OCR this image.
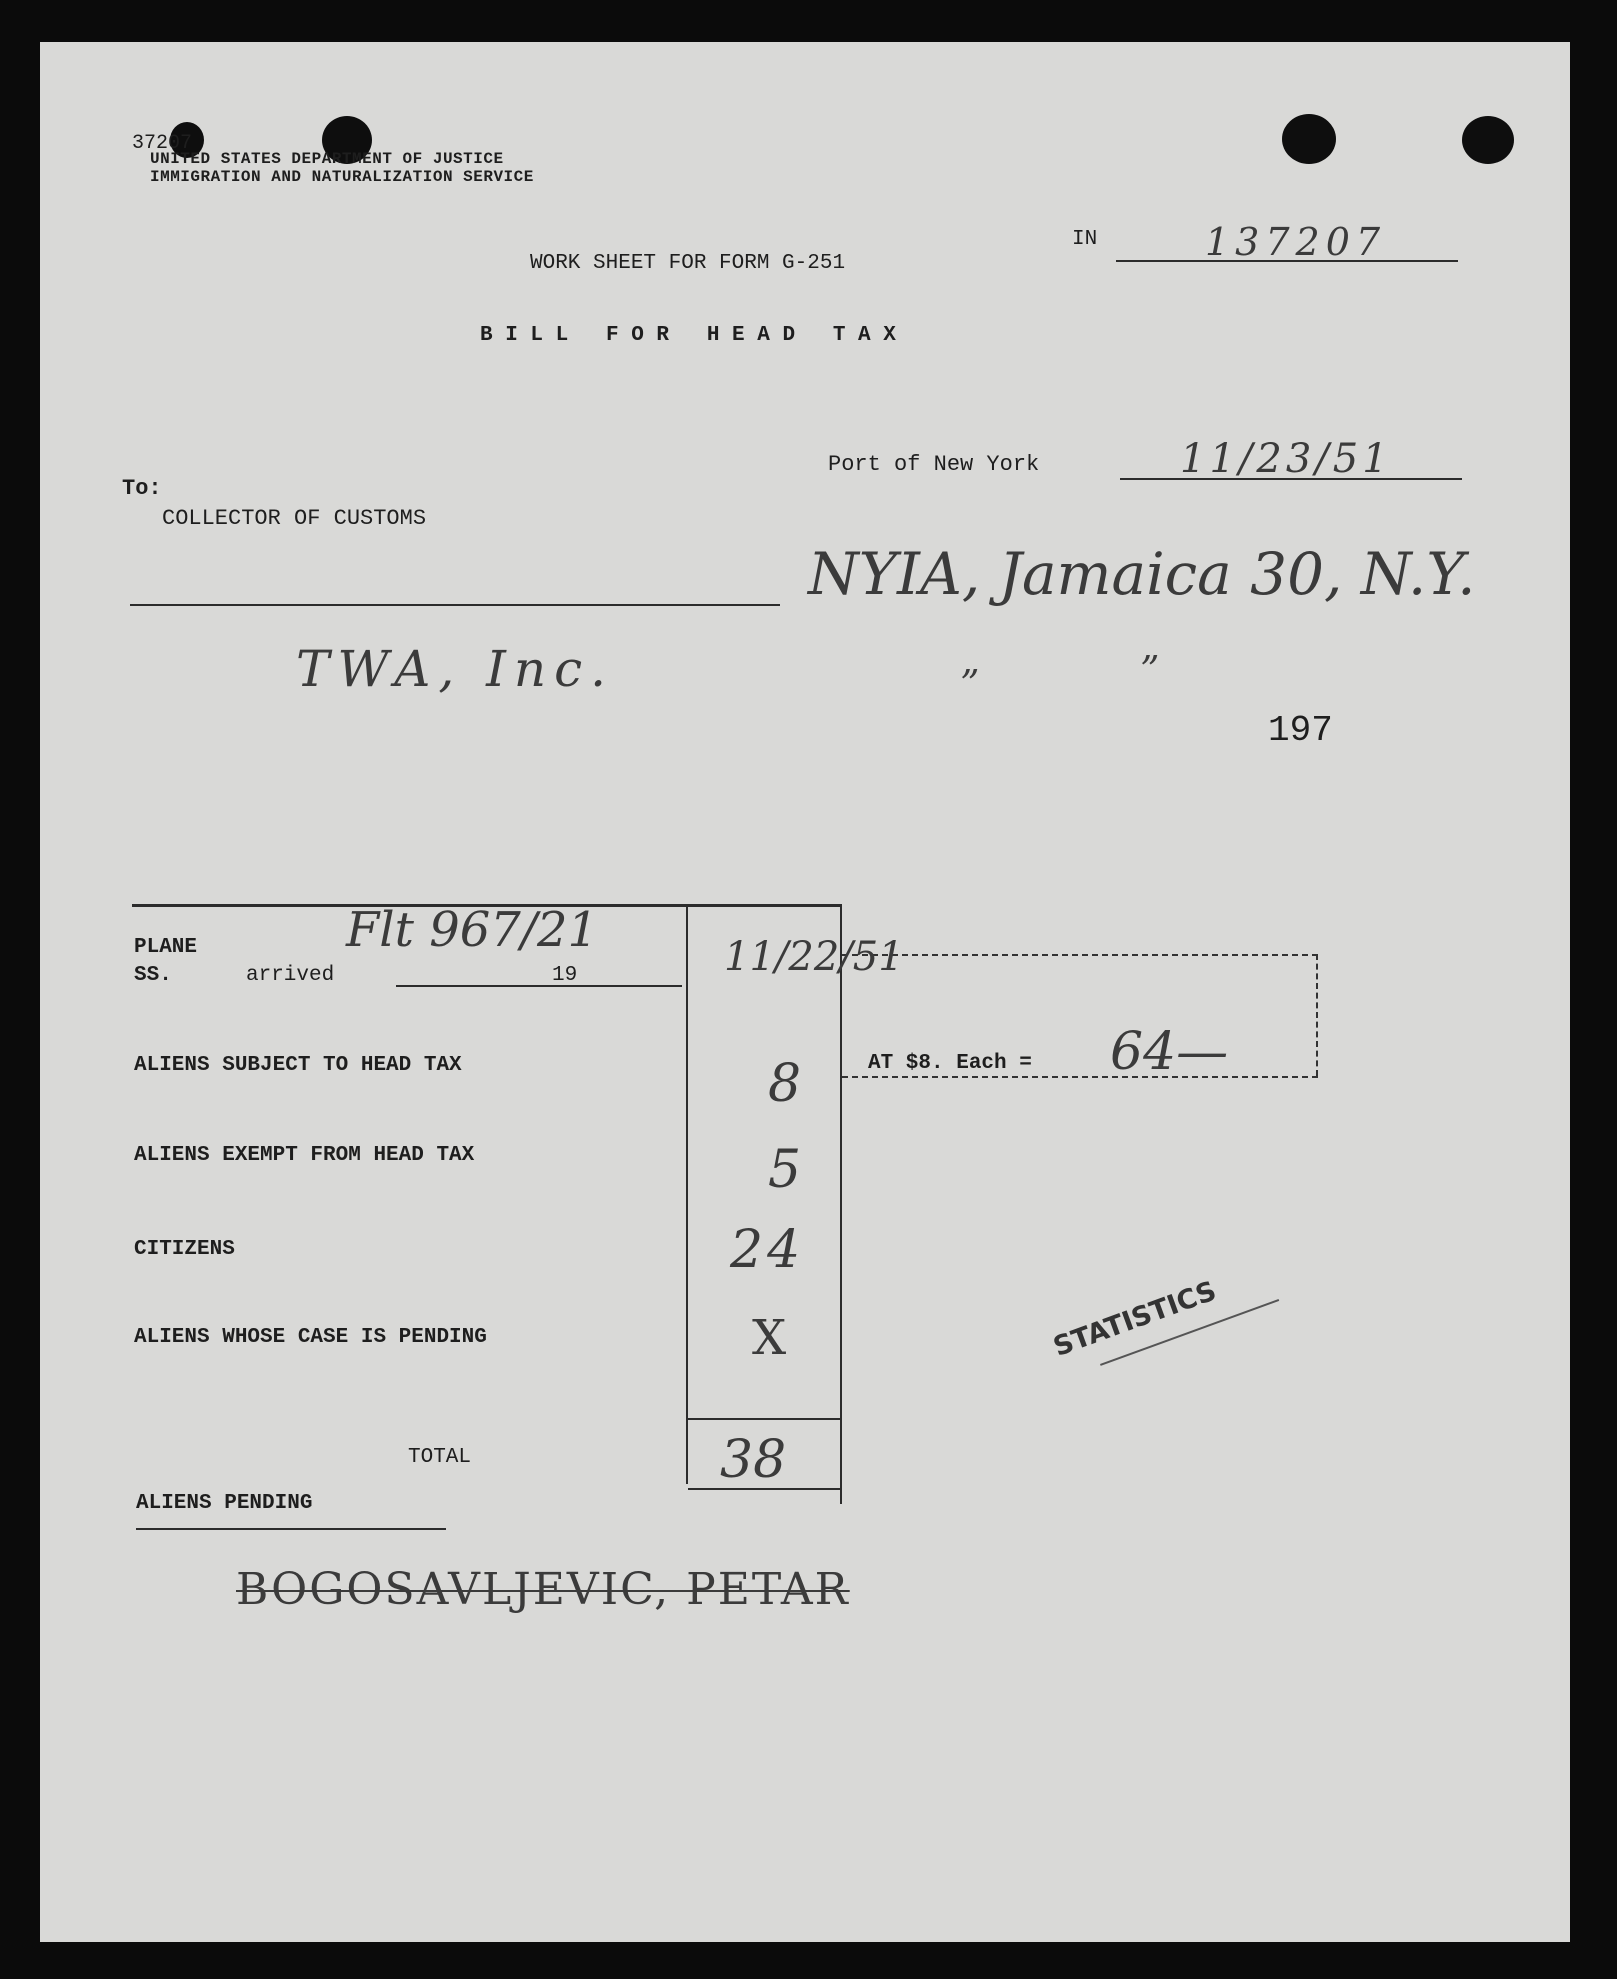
37207
UNITED STATES DEPARTMENT OF JUSTICE
IMMIGRATION AND NATURALIZATION SERVICE
WORK SHEET FOR FORM G-251
B I L L   F O R   H E A D   T A X
IN	137207
Port of New York	11/23/51
To:
COLLECTOR OF CUSTOMS
NYIA, Jamaica 30, N.Y.
TWA, Inc.	”	”
197
PLANE
SS.	arrived	19
Flt 967/21	11/22/51
ALIENS SUBJECT TO HEAD TAX	8
ALIENS EXEMPT FROM HEAD TAX	5
CITIZENS	24
ALIENS WHOSE CASE IS PENDING	X
TOTAL	38
AT $8. Each = 64—
ALIENS PENDING
BOGOSAVLJEVIC, PETAR
STATISTICS
